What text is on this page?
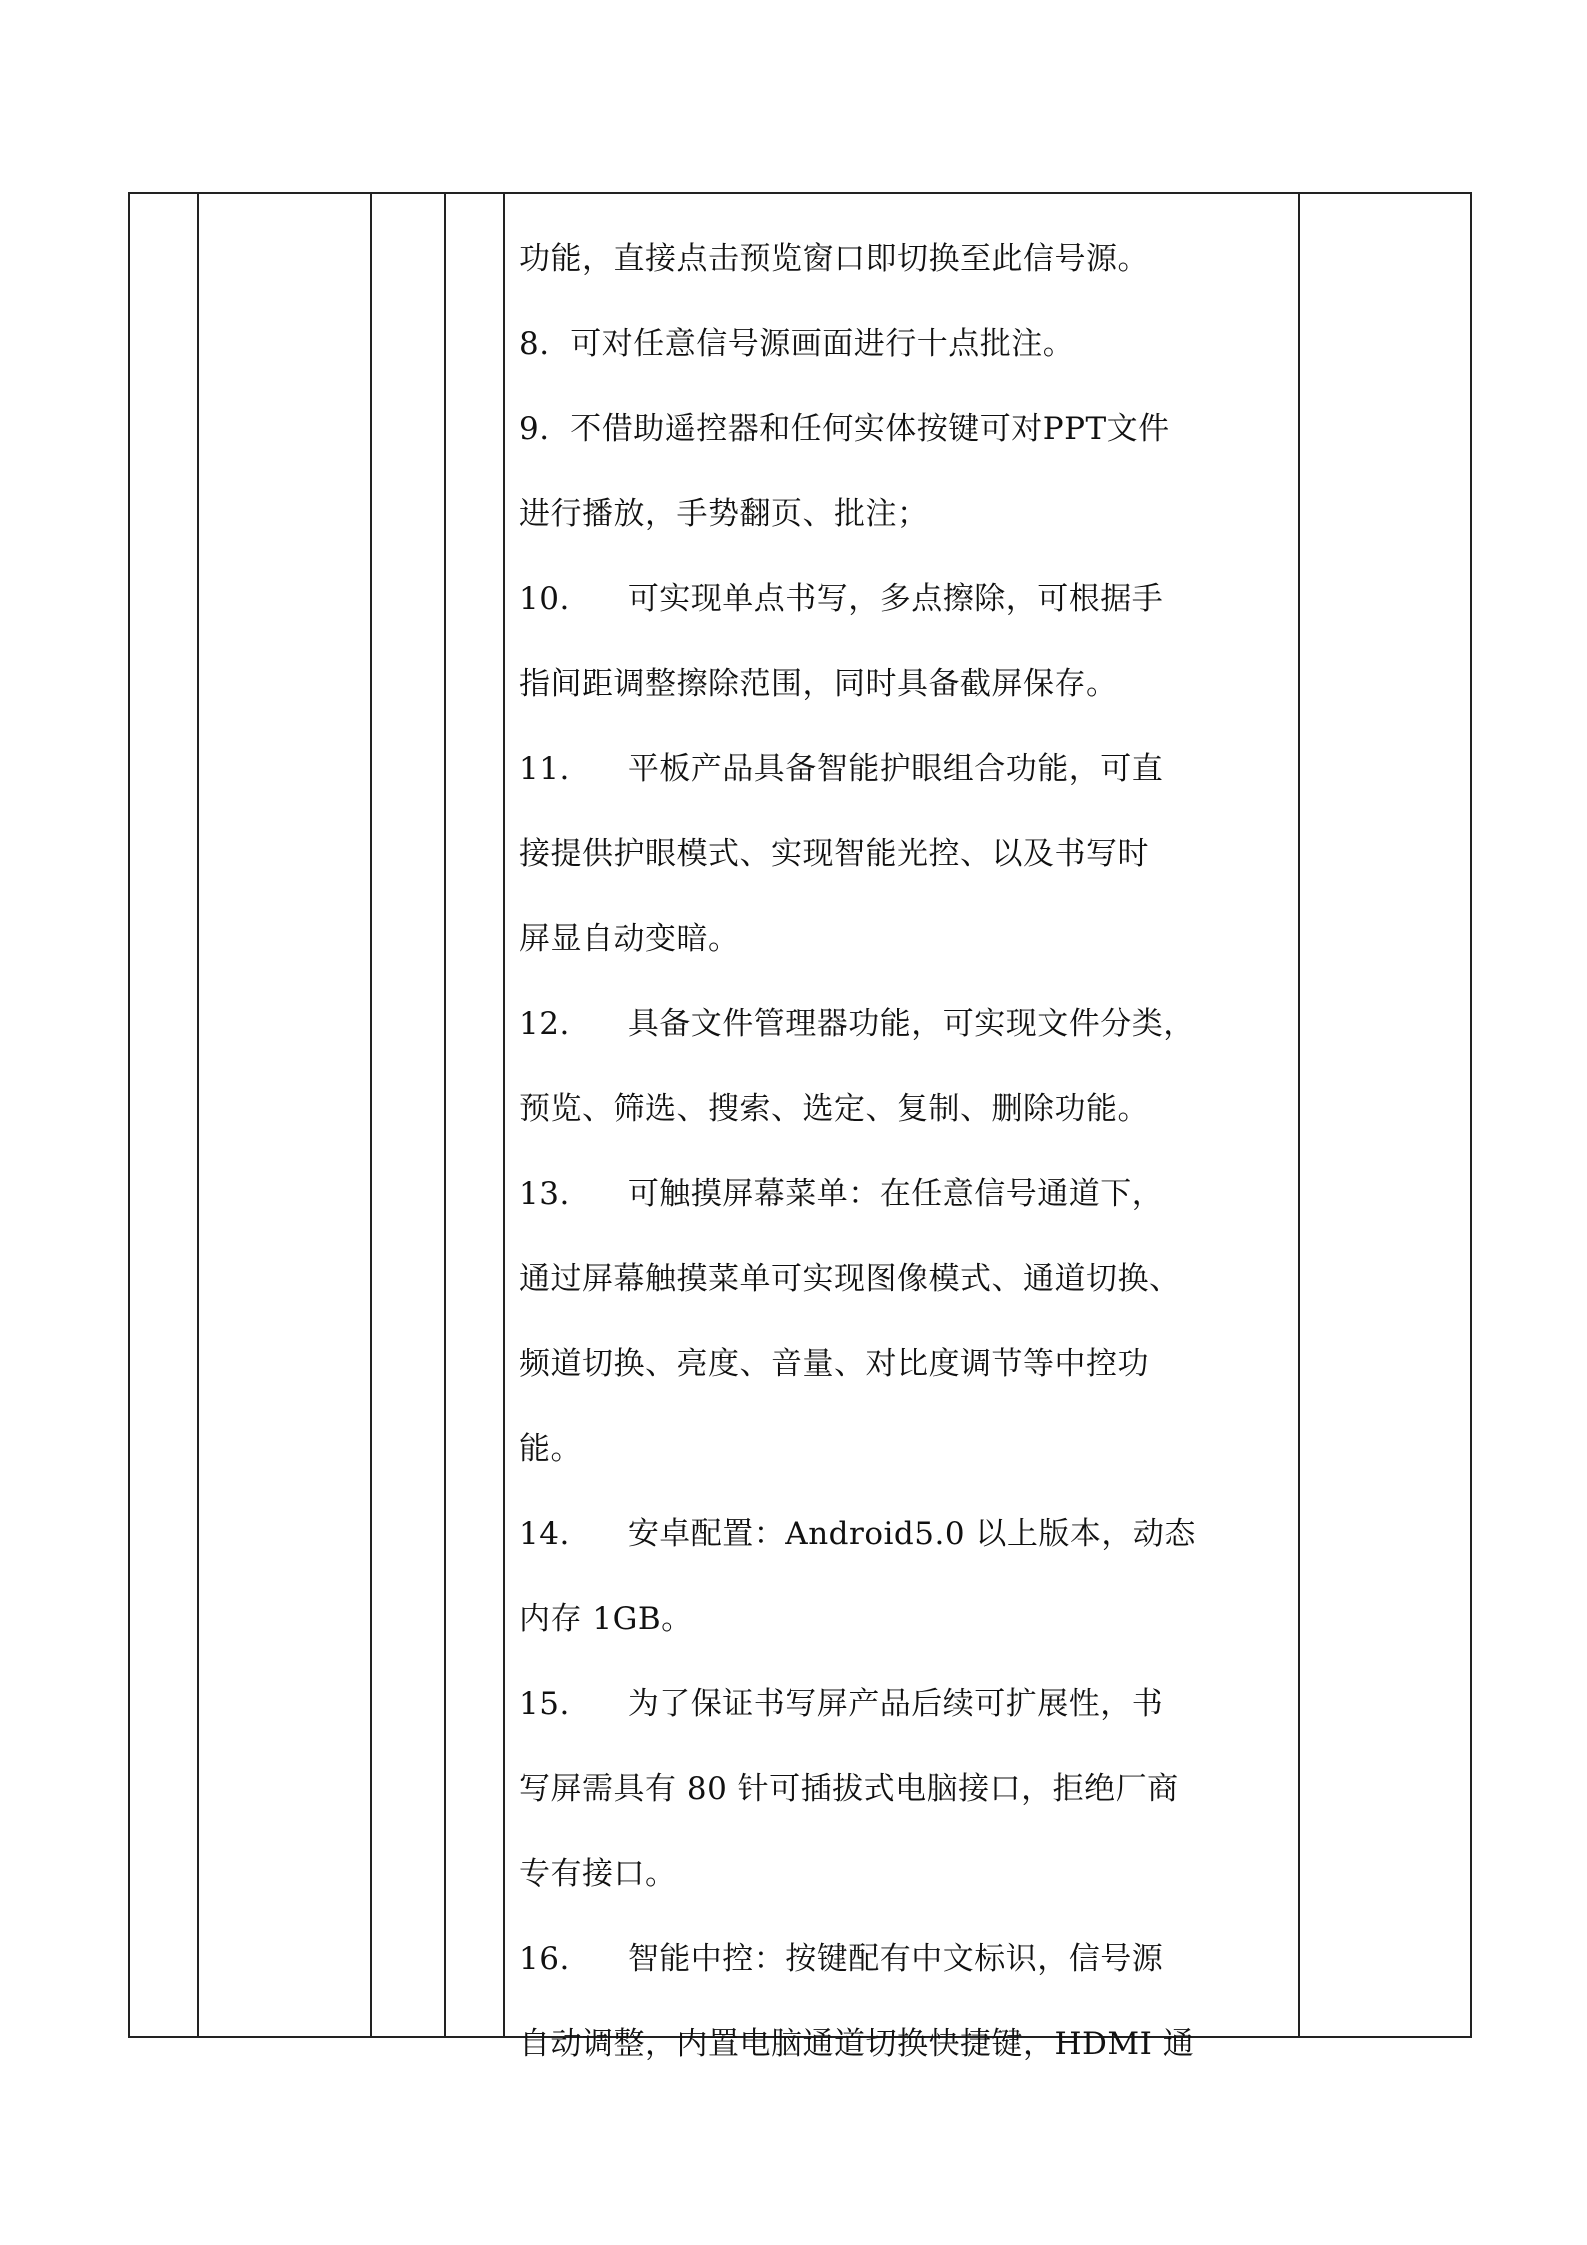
功能，直接点击预览窗口即切换至此信号源。
8.  可对任意信号源画面进行十点批注。
9.  不借助遥控器和任何实体按键可对PPT文件
进行播放，手势翻页、批注；
10. 可实现单点书写，多点擦除，可根据手
指间距调整擦除范围，同时具备截屏保存。
11. 平板产品具备智能护眼组合功能，可直
接提供护眼模式、实现智能光控、以及书写时
屏显自动变暗。
12. 具备文件管理器功能，可实现文件分类，
预览、筛选、搜索、选定、复制、删除功能。
13. 可触摸屏幕菜单：在任意信号通道下，
通过屏幕触摸菜单可实现图像模式、通道切换、
频道切换、亮度、音量、对比度调节等中控功
能。
14. 安卓配置：Android5.0 以上版本，动态
内存 1GB。
15. 为了保证书写屏产品后续可扩展性，书
写屏需具有 80 针可插拔式电脑接口，拒绝厂商
专有接口。
16. 智能中控：按键配有中文标识，信号源
自动调整，内置电脑通道切换快捷键，HDMI 通
